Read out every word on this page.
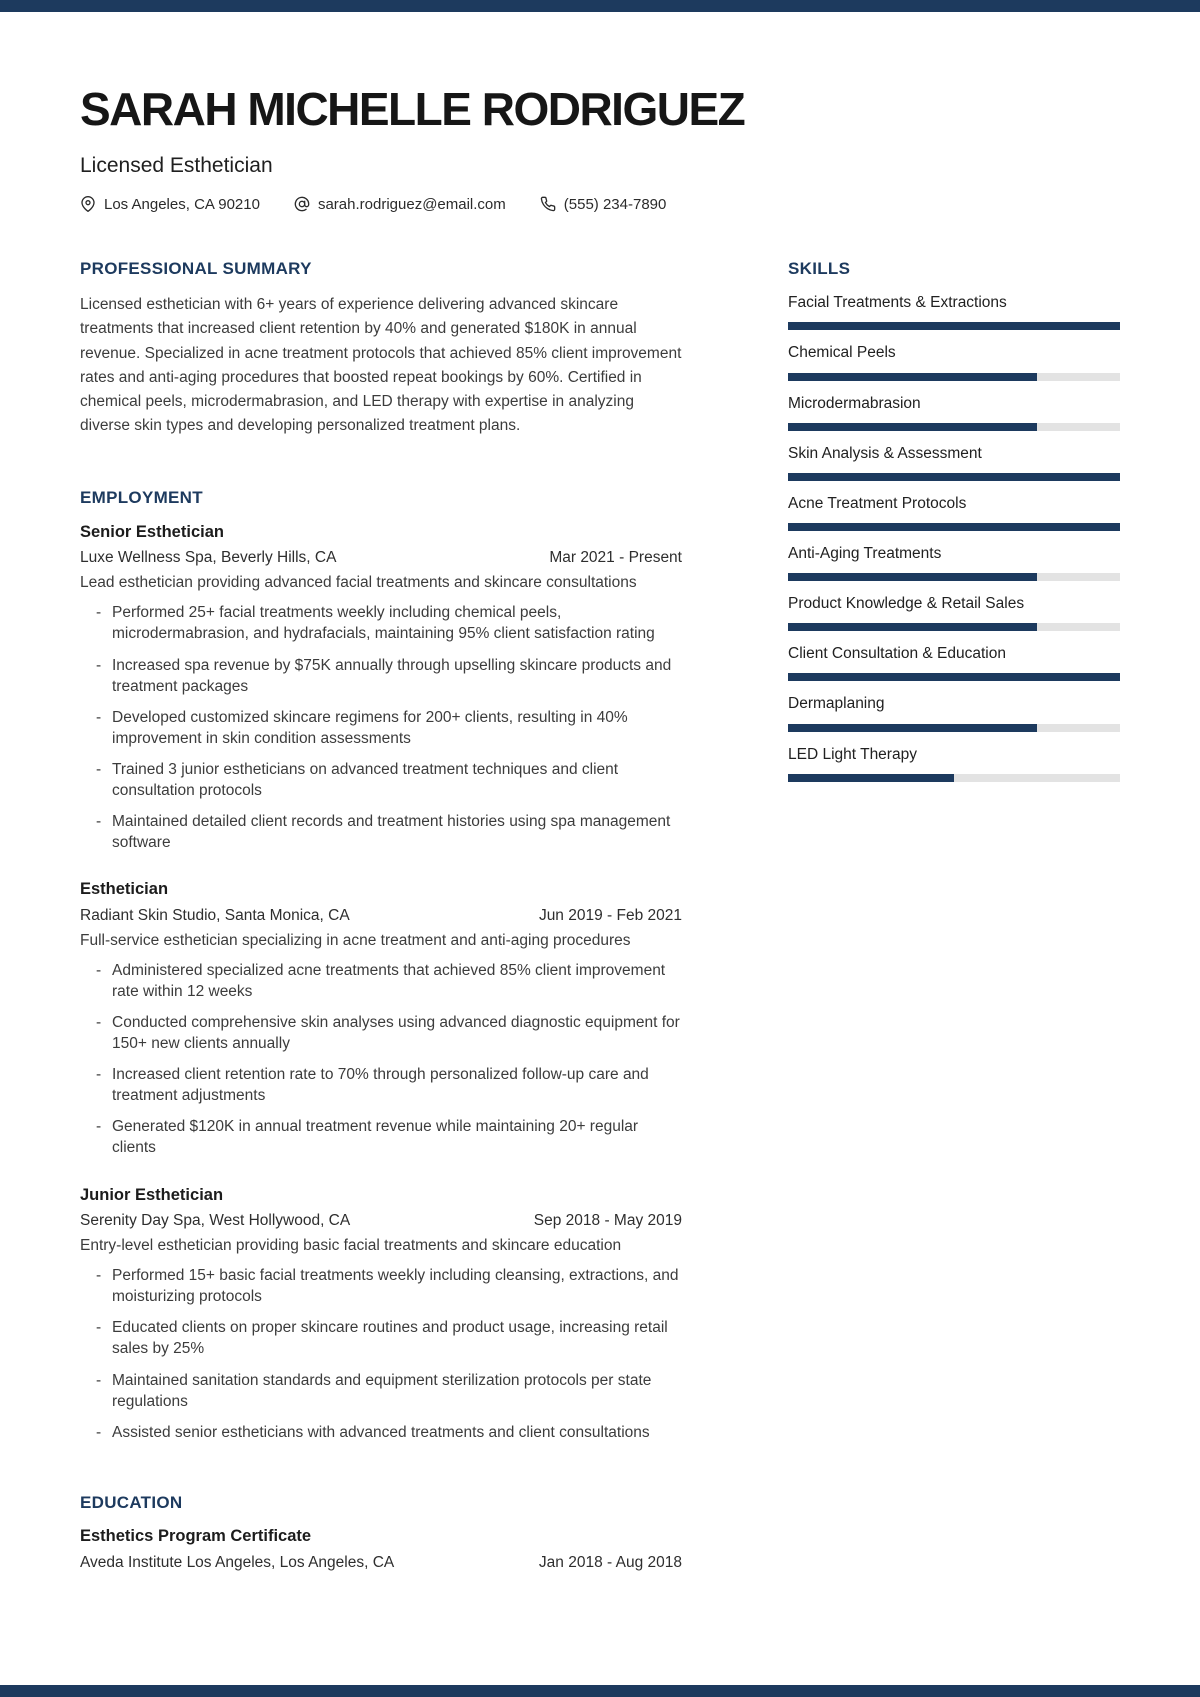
SARAH MICHELLE RODRIGUEZ
Licensed Esthetician
Los Angeles, CA 90210	sarah.rodriguez@email.com	(555) 234-7890
PROFESSIONAL SUMMARY
Licensed esthetician with 6+ years of experience delivering advanced skincare treatments that increased client retention by 40% and generated $180K in annual revenue. Specialized in acne treatment protocols that achieved 85% client improvement rates and anti-aging procedures that boosted repeat bookings by 60%. Certified in chemical peels, microdermabrasion, and LED therapy with expertise in analyzing diverse skin types and developing personalized treatment plans.
EMPLOYMENT
Senior Esthetician
Luxe Wellness Spa, Beverly Hills, CA	Mar 2021 - Present
Lead esthetician providing advanced facial treatments and skincare consultations
- Performed 25+ facial treatments weekly including chemical peels, microdermabrasion, and hydrafacials, maintaining 95% client satisfaction rating
- Increased spa revenue by $75K annually through upselling skincare products and treatment packages
- Developed customized skincare regimens for 200+ clients, resulting in 40% improvement in skin condition assessments
- Trained 3 junior estheticians on advanced treatment techniques and client consultation protocols
- Maintained detailed client records and treatment histories using spa management software
Esthetician
Radiant Skin Studio, Santa Monica, CA	Jun 2019 - Feb 2021
Full-service esthetician specializing in acne treatment and anti-aging procedures
- Administered specialized acne treatments that achieved 85% client improvement rate within 12 weeks
- Conducted comprehensive skin analyses using advanced diagnostic equipment for 150+ new clients annually
- Increased client retention rate to 70% through personalized follow-up care and treatment adjustments
- Generated $120K in annual treatment revenue while maintaining 20+ regular clients
Junior Esthetician
Serenity Day Spa, West Hollywood, CA	Sep 2018 - May 2019
Entry-level esthetician providing basic facial treatments and skincare education
- Performed 15+ basic facial treatments weekly including cleansing, extractions, and moisturizing protocols
- Educated clients on proper skincare routines and product usage, increasing retail sales by 25%
- Maintained sanitation standards and equipment sterilization protocols per state regulations
- Assisted senior estheticians with advanced treatments and client consultations
EDUCATION
Esthetics Program Certificate
Aveda Institute Los Angeles, Los Angeles, CA	Jan 2018 - Aug 2018
SKILLS
Facial Treatments & Extractions
Chemical Peels
Microdermabrasion
Skin Analysis & Assessment
Acne Treatment Protocols
Anti-Aging Treatments
Product Knowledge & Retail Sales
Client Consultation & Education
Dermaplaning
LED Light Therapy
